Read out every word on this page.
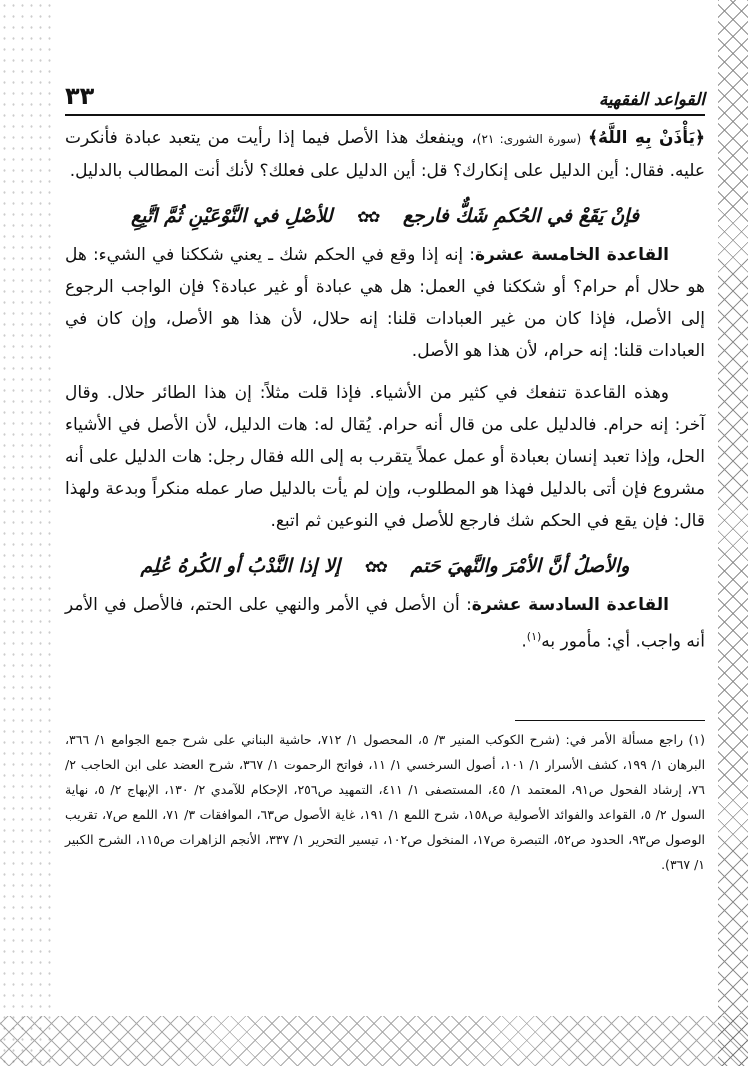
القواعد الفقهية
٣٣

﴿يَأْذَنْ بِهِ اللَّهُ﴾ (سورة الشورى: ٢١)، وينفعك هذا الأصل فيما إذا رأيت من يتعبد عبادة فأنكرت عليه. فقال: أين الدليل على إنكارك؟ قل: أين الدليل على فعلك؟ لأنك أنت المطالب بالدليل.

فإنْ يَقَعْ في الحُكمِ شَكٌّ فارجع ✿✿ للأصْلِ في النَّوْعَيْنِ ثُمَّ اتَّبِعِ

القاعدة الخامسة عشرة: إنه إذا وقع في الحكم شك ـ يعني شككنا في الشيء: هل هو حلال أم حرام؟ أو شككنا في العمل: هل هي عبادة أو غير عبادة؟ فإن الواجب الرجوع إلى الأصل، فإذا كان من غير العبادات قلنا: إنه حلال، لأن هذا هو الأصل، وإن كان في العبادات قلنا: إنه حرام، لأن هذا هو الأصل.

وهذه القاعدة تنفعك في كثير من الأشياء. فإذا قلت مثلاً: إن هذا الطائر حلال. وقال آخر: إنه حرام. فالدليل على من قال أنه حرام. يُقال له: هات الدليل، لأن الأصل في الأشياء الحل، وإذا تعبد إنسان بعبادة أو عمل عملاً يتقرب به إلى الله فقال رجل: هات الدليل على أنه مشروع فإن أتى بالدليل فهذا هو المطلوب، وإن لم يأت بالدليل صار عمله منكراً وبدعة ولهذا قال: فإن يقع في الحكم شك فارجع للأصل في النوعين ثم اتبع.

والأصلُ أنَّ الأمْرَ والنَّهيَ حَتم ✿✿ إلا إذا النَّدْبُ أو الكُرهُ عُلِم

القاعدة السادسة عشرة: أن الأصل في الأمر والنهي على الحتم، فالأصل في الأمر أنه واجب. أي: مأمور به$^{(١)}$.

(١) راجع مسألة الأمر في: (شرح الكوكب المنير ٣/ ٥، المحصول ١/ ٧١٢، حاشية البناني على شرح جمع الجوامع ١/ ٣٦٦، البرهان ١/ ١٩٩، كشف الأسرار ١/ ١٠١، أصول السرخسي ١/ ١١، فواتح الرحموت ١/ ٣٦٧، شرح العضد على ابن الحاجب ٢/ ٧٦، إرشاد الفحول ص٩١، المعتمد ١/ ٤٥، المستصفى ١/ ٤١١، التمهيد ص٢٥٦، الإحكام للآمدي ٢/ ١٣٠، الإبهاج ٢/ ٥، نهاية السول ٢/ ٥، القواعد والفوائد الأصولية ص١٥٨، شرح اللمع ١/ ١٩١، غاية الأصول ص٦٣، الموافقات ٣/ ٧١، اللمع ص٧، تقريب الوصول ص٩٣، الحدود ص٥٢، التبصرة ص١٧، المنخول ص١٠٢، تيسير التحرير ١/ ٣٣٧، الأنجم الزاهرات ص١١٥، الشرح الكبير ١/ ٣٦٧).
